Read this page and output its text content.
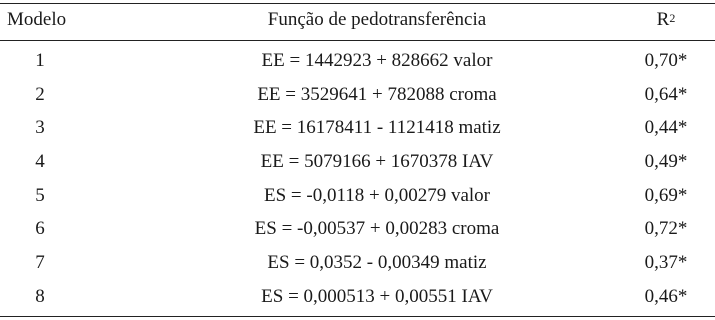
Modelo	Função de pedotransferência	$R^2$
1	EE = 1442923 + 828662 valor	0,70*
2	EE = 3529641 + 782088 croma	0,64*
3	EE = 16178411 - 1121418 matiz	0,44*
4	EE = 5079166 + 1670378 IAV	0,49*
5	ES = -0,0118 + 0,00279 valor	0,69*
6	ES = -0,00537 + 0,00283 croma	0,72*
7	ES = 0,0352 - 0,00349 matiz	0,37*
8	ES = 0,000513 + 0,00551 IAV	0,46*
